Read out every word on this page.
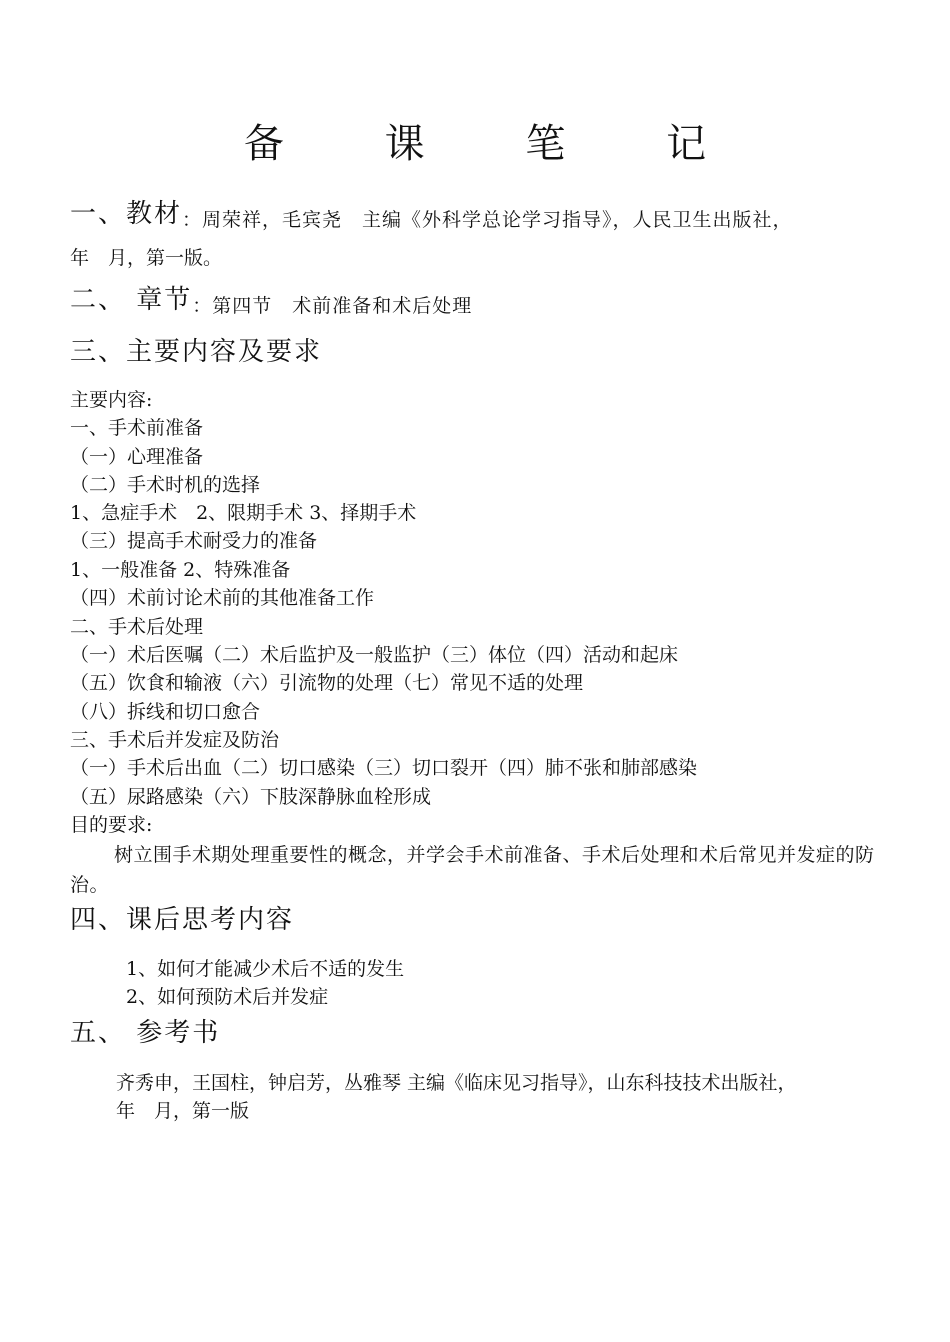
备 课 笔 记
一、教材：周荣祥，毛宾尧　主编《外科学总论学习指导》，人民卫生出版社，
年　月，第一版。
二、 章节：第四节　术前准备和术后处理
三、主要内容及要求
主要内容:
一、手术前准备
（一）心理准备
（二）手术时机的选择
1、急症手术　2、限期手术 3、择期手术
（三）提高手术耐受力的准备
1、一般准备 2、特殊准备
（四）术前讨论术前的其他准备工作
二、手术后处理
（一）术后医嘱（二）术后监护及一般监护（三）体位（四）活动和起床
（五）饮食和输液（六）引流物的处理（七）常见不适的处理
（八）拆线和切口愈合
三、手术后并发症及防治
（一）手术后出血（二）切口感染（三）切口裂开（四）肺不张和肺部感染
（五）尿路感染（六）下肢深静脉血栓形成
目的要求:
树立围手术期处理重要性的概念，并学会手术前准备、手术后处理和术后常见并发症的防治。
四、课后思考内容
1、如何才能减少术后不适的发生
2、如何预防术后并发症
五、 参考书
齐秀申，王国柱，钟启芳，丛雅琴 主编《临床见习指导》，山东科技技术出版社，
年　月，第一版
